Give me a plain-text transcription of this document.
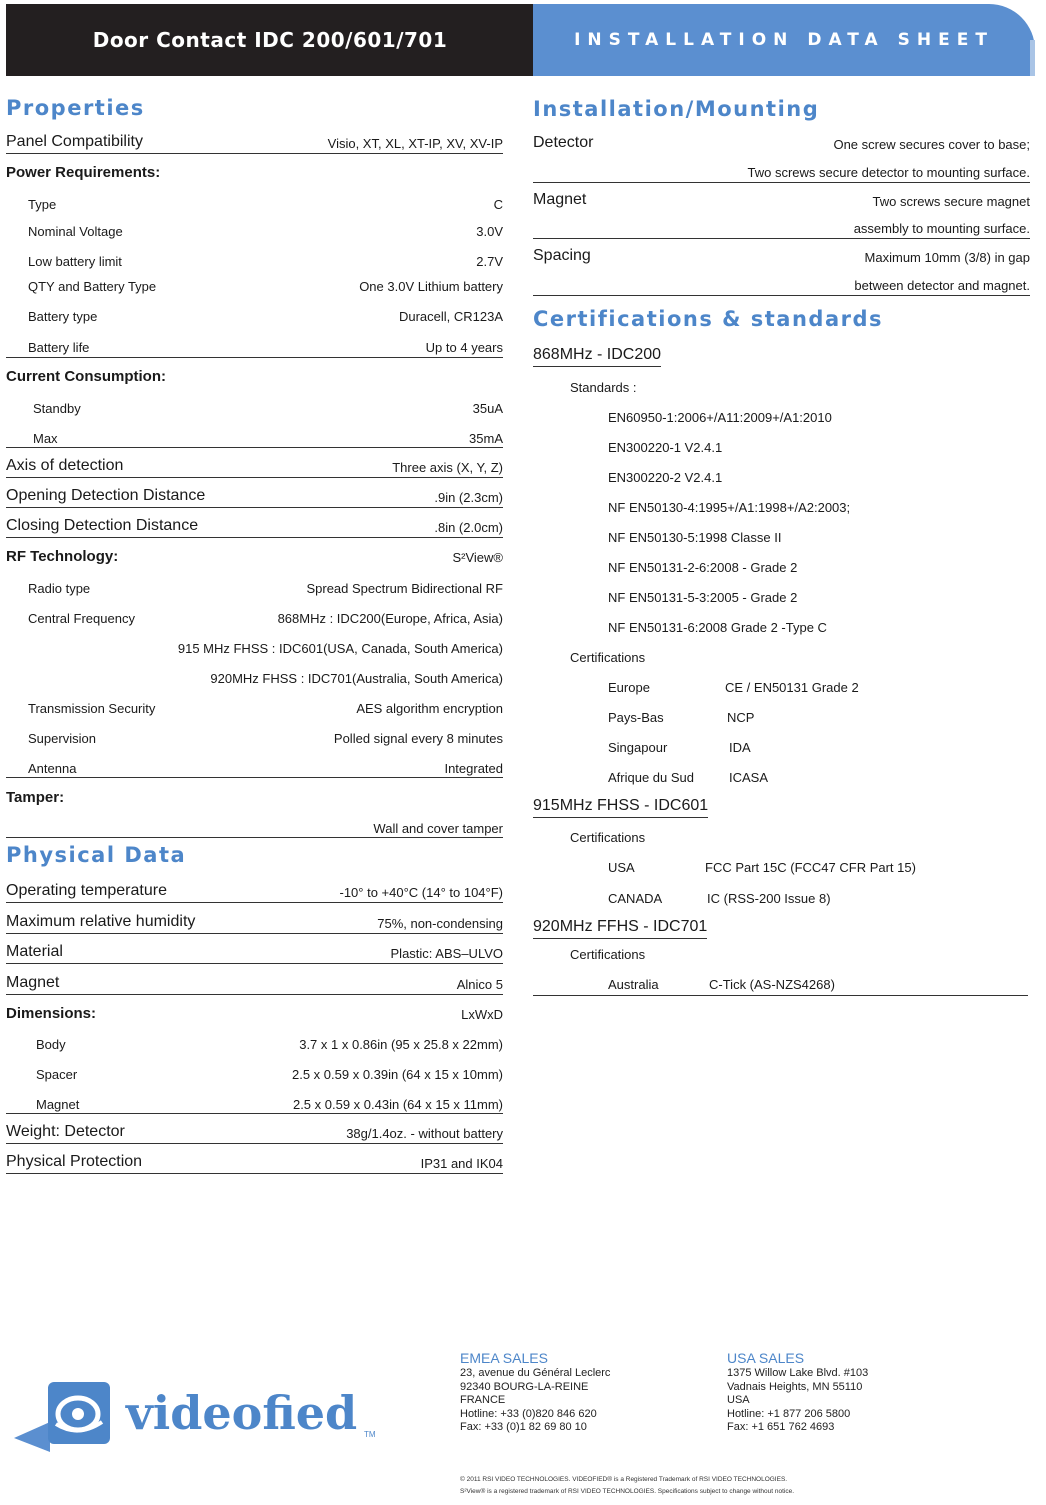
Door Contact IDC 200/601/701	INSTALLATION DATA SHEET
Properties
Panel Compatibility	Visio, XT, XL, XT-IP, XV, XV-IP
Power Requirements:
Type	C
Nominal Voltage	3.0V
Low battery limit	2.7V
QTY and Battery Type	One 3.0V Lithium battery
Battery type	Duracell, CR123A
Battery life	Up to 4 years
Current Consumption:
Standby	35uA
Max	35mA
Axis of detection	Three axis (X, Y, Z)
Opening Detection Distance	.9in (2.3cm)
Closing Detection Distance	.8in (2.0cm)
RF Technology:	S²View®
Radio type	Spread Spectrum Bidirectional RF
Central Frequency	868MHz : IDC200(Europe, Africa, Asia)
915 MHz FHSS : IDC601(USA, Canada, South America)
920MHz FHSS : IDC701(Australia, South America)
Transmission Security	AES algorithm encryption
Supervision	Polled signal every 8 minutes
Antenna	Integrated
Tamper:
Wall and cover tamper
Physical Data
Operating temperature	-10° to +40°C (14° to 104°F)
Maximum relative humidity	75%, non-condensing
Material	Plastic: ABS–ULVO
Magnet	Alnico 5
Dimensions:	LxWxD
Body	3.7 x 1 x 0.86in (95 x 25.8 x 22mm)
Spacer	2.5 x 0.59 x 0.39in (64 x 15 x 10mm)
Magnet	2.5 x 0.59 x 0.43in (64 x 15 x 11mm)
Weight: Detector	38g/1.4oz. - without battery
Physical Protection	IP31 and IK04
Installation/Mounting
Detector	One screw secures cover to base;
Two screws secure detector to mounting surface.
Magnet	Two screws secure magnet
assembly to mounting surface.
Spacing	Maximum 10mm (3/8) in gap
between detector and magnet.
Certifications & standards
868MHz - IDC200
Standards :
EN60950-1:2006+/A11:2009+/A1:2010
EN300220-1 V2.4.1
EN300220-2 V2.4.1
NF EN50130-4:1995+/A1:1998+/A2:2003;
NF EN50130-5:1998 Classe II
NF EN50131-2-6:2008 - Grade 2
NF EN50131-5-3:2005 - Grade 2
NF EN50131-6:2008 Grade 2 -Type C
Certifications
Europe	CE / EN50131 Grade 2
Pays-Bas	NCP
Singapour	IDA
Afrique du Sud	ICASA
915MHz FHSS - IDC601
Certifications
USA	FCC Part 15C (FCC47 CFR Part 15)
CANADA	IC (RSS-200 Issue 8)
920MHz FFHS - IDC701
Certifications
Australia	C-Tick (AS-NZS4268)
videofied TM
EMEA SALES
23, avenue du Général Leclerc
92340 BOURG-LA-REINE
FRANCE
Hotline: +33 (0)820 846 620
Fax: +33 (0)1 82 69 80 10
USA SALES
1375 Willow Lake Blvd. #103
Vadnais Heights, MN 55110
USA
Hotline: +1 877 206 5800
Fax: +1 651 762 4693
© 2011 RSI VIDEO TECHNOLOGIES. VIDEOFIED® is a Registered Trademark of RSI VIDEO TECHNOLOGIES.
S²View® is a registered trademark of RSI VIDEO TECHNOLOGIES. Specifications subject to change without notice.
